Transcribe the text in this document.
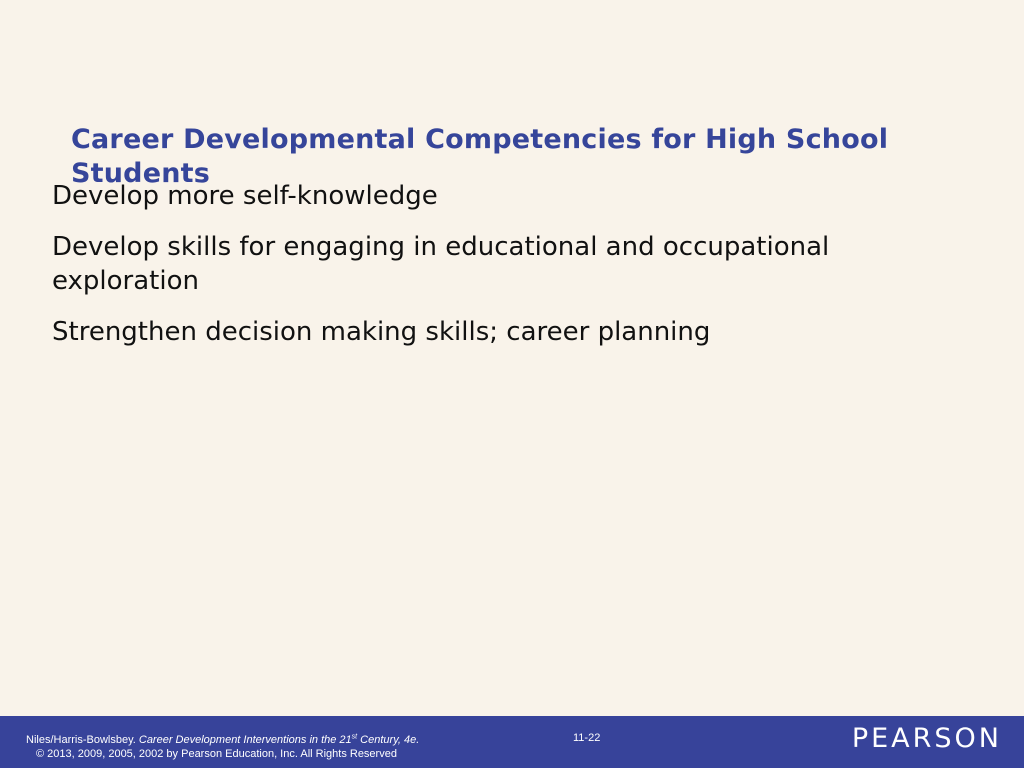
Career Developmental Competencies for High School Students
Develop more self-knowledge
Develop skills for engaging in educational and occupational exploration
Strengthen decision making skills; career planning
Niles/Harris-Bowlsbey. Career Development Interventions in the 21st Century, 4e.
© 2013, 2009, 2005, 2002 by Pearson Education, Inc. All Rights Reserved
11-22	PEARSON
